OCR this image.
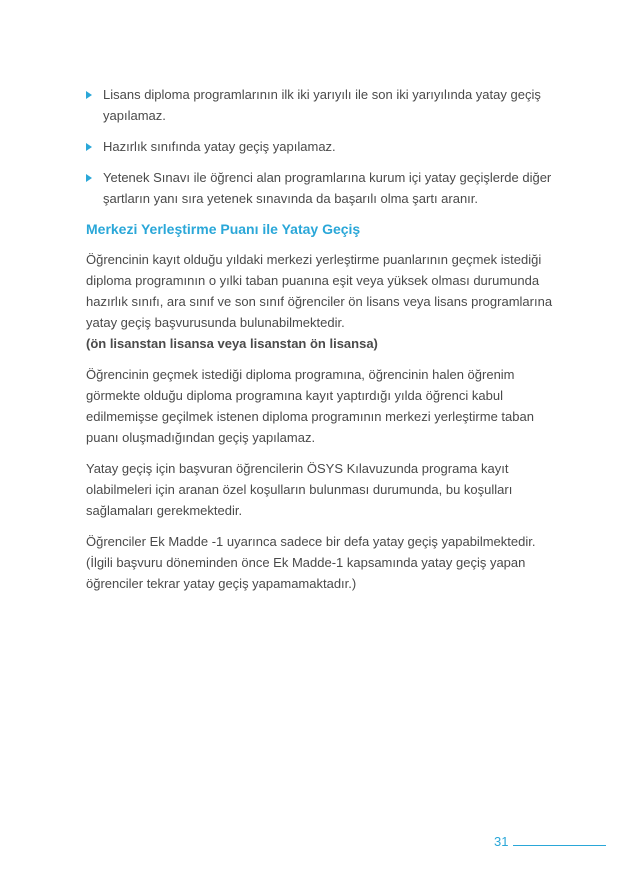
Lisans diploma programlarının ilk iki yarıyılı ile son iki yarıyılında yatay geçiş yapılamaz.
Hazırlık sınıfında yatay geçiş yapılamaz.
Yetenek Sınavı ile öğrenci alan programlarına kurum içi yatay geçişlerde diğer şartların yanı sıra yetenek sınavında da başarılı olma şartı aranır.
Merkezi Yerleştirme Puanı ile Yatay Geçiş
Öğrencinin kayıt olduğu yıldaki merkezi yerleştirme puanlarının geçmek istediği diploma programının o yılki taban puanına eşit veya yüksek olması durumunda hazırlık sınıfı, ara sınıf ve son sınıf öğrenciler ön lisans veya lisans programlarına yatay geçiş başvurusunda bulunabilmektedir.
(ön lisanstan lisansa veya lisanstan ön lisansa)
Öğrencinin geçmek istediği diploma programına, öğrencinin halen öğrenim görmekte olduğu diploma programına kayıt yaptırdığı yılda öğrenci kabul edilmemişse geçilmek istenen diploma programının merkezi yerleştirme taban puanı oluşmadığından geçiş yapılamaz.
Yatay geçiş için başvuran öğrencilerin ÖSYS Kılavuzunda programa kayıt olabilmeleri için aranan özel koşulların bulunması durumunda, bu koşulları sağlamaları gerekmektedir.
Öğrenciler Ek Madde -1 uyarınca sadece bir defa yatay geçiş yapabilmektedir. (İlgili başvuru döneminden önce Ek Madde-1 kapsamında yatay geçiş yapan öğrenciler tekrar yatay geçiş yapamamaktadır.)
31
